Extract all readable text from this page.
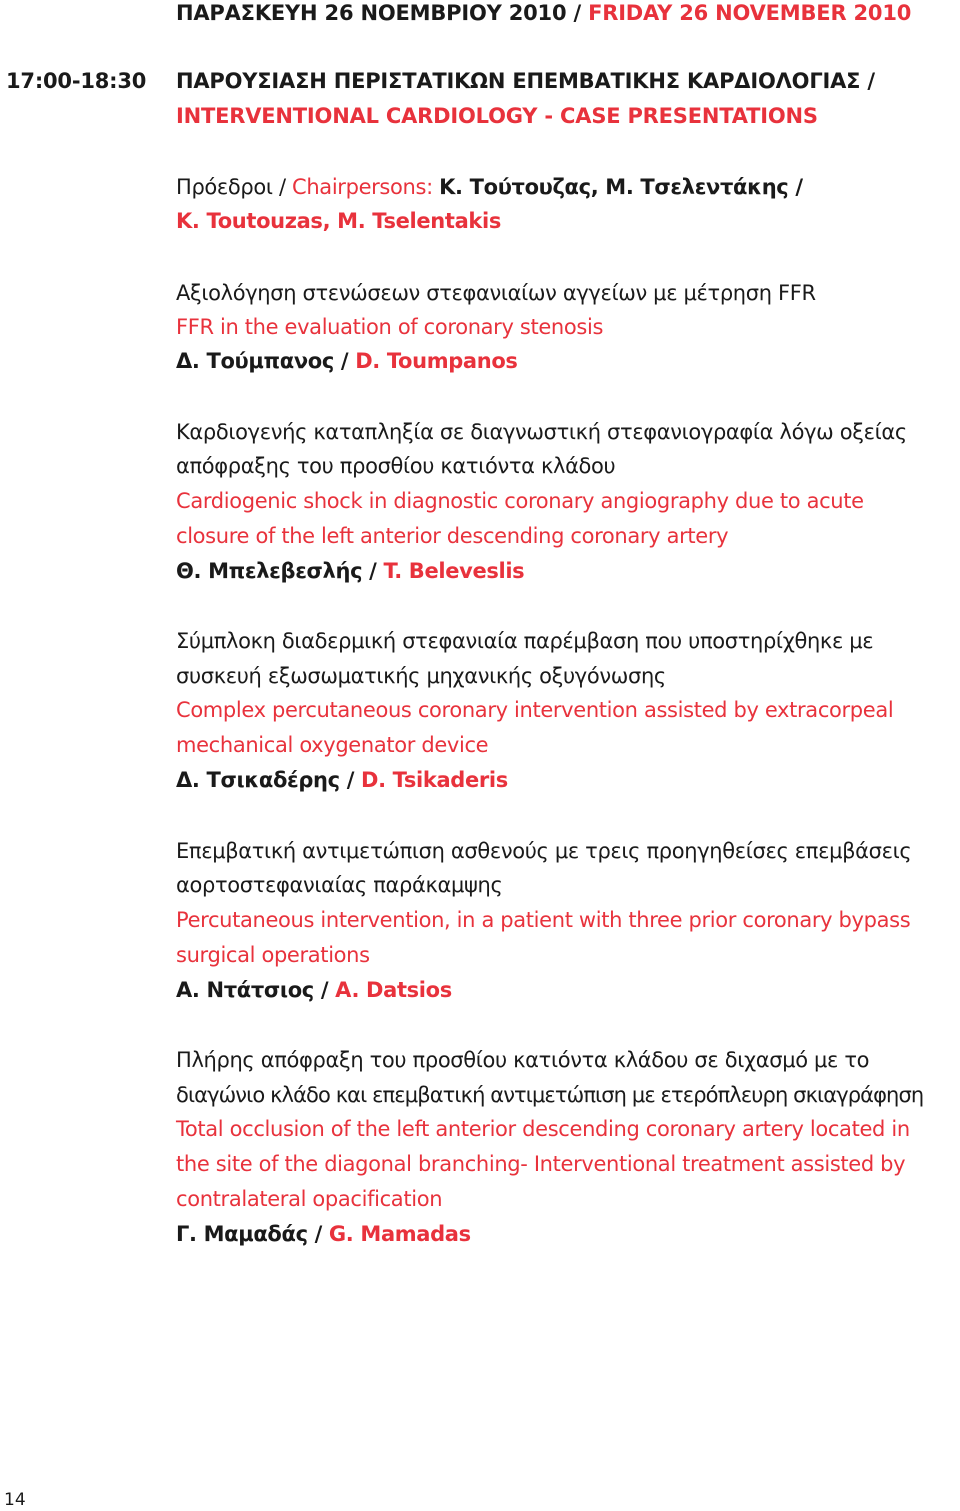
ΠΑΡΑΣΚΕΥΗ 26 ΝΟΕΜΒΡΙΟΥ 2010 / FRIDAY 26 NOVEMBER 2010
17:00-18:30 ΠΑΡΟΥΣΙΑΣΗ ΠΕΡΙΣΤΑΤΙΚΩΝ ΕΠΕΜΒΑΤΙΚΗΣ ΚΑΡΔΙΟΛΟΓΙΑΣ /
INTERVENTIONAL CARDIOLOGY - CASE PRESENTATIONS
Πρόεδροι / Chairpersons: Κ. Τούτουζας, Μ. Τσελεντάκης /
K. Toutouzas, M. Tselentakis
Αξιολόγηση στενώσεων στεφανιαίων αγγείων με μέτρηση FFR
FFR in the evaluation of coronary stenosis
Δ. Τούμπανος / D. Toumpanos
Καρδιογενής καταπληξία σε διαγνωστική στεφανιογραφία λόγω οξείας
απόφραξης του προσθίου κατιόντα κλάδου
Cardiogenic shock in diagnostic coronary angiography due to acute
closure of the left anterior descending coronary artery
Θ. Μπελεβεσλής / T. Beleveslis
Σύμπλοκη διαδερμική στεφανιαία παρέμβαση που υποστηρίχθηκε με
συσκευή εξωσωματικής μηχανικής οξυγόνωσης
Complex percutaneous coronary intervention assisted by extracorpeal
mechanical oxygenator device
Δ. Τσικαδέρης / D. Tsikaderis
Επεμβατική αντιμετώπιση ασθενούς με τρεις προηγηθείσες επεμβάσεις
αορτοστεφανιαίας παράκαμψης
Percutaneous intervention, in a patient with three prior coronary bypass
surgical operations
Α. Ντάτσιος / A. Datsios
Πλήρης απόφραξη του προσθίου κατιόντα κλάδου σε διχασμό με το
διαγώνιο κλάδο και επεμβατική αντιμετώπιση με ετερόπλευρη σκιαγράφηση
Total occlusion of the left anterior descending coronary artery located in
the site of the diagonal branching- Interventional treatment assisted by
contralateral opacification
Γ. Μαμαδάς / G. Mamadas
14
